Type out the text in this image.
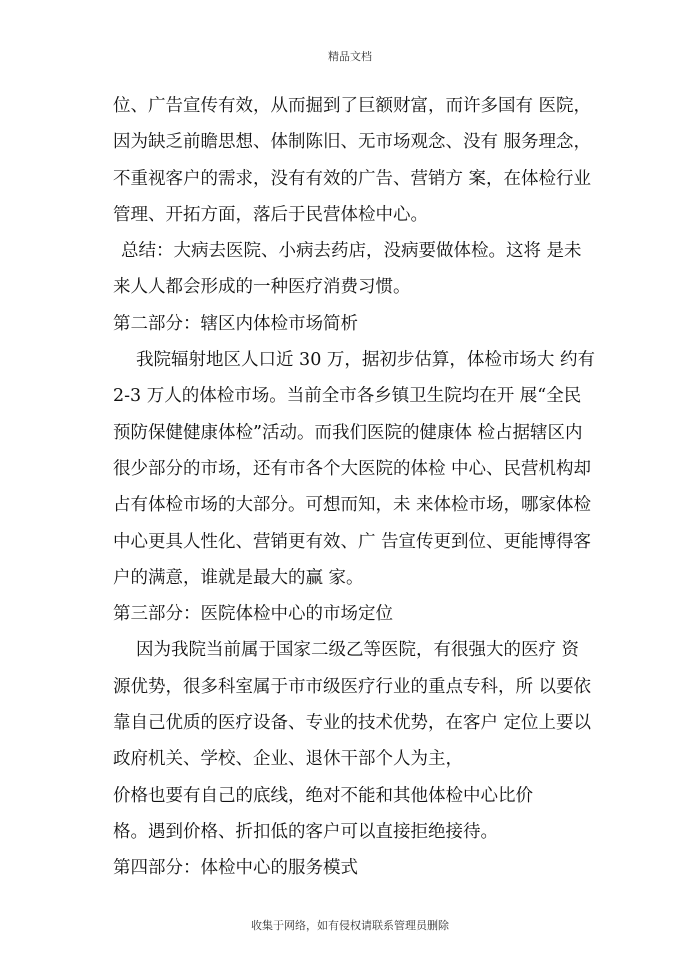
精品文档
位、广告宣传有效，从而掘到了巨额财富，而许多国有 医院，
因为缺乏前瞻思想、体制陈旧、无市场观念、没有 服务理念，
不重视客户的需求，没有有效的广告、营销方 案，在体检行业
管理、开拓方面，落后于民营体检中心。
总结：大病去医院、小病去药店，没病要做体检。这将 是未
来人人都会形成的一种医疗消费习惯。
第二部分：辖区内体检市场简析
我院辐射地区人口近 30 万，据初步估算，体检市场大 约有
2-3 万人的体检市场。当前全市各乡镇卫生院均在开 展“全民
预防保健健康体检”活动。而我们医院的健康体 检占据辖区内
很少部分的市场，还有市各个大医院的体检 中心、民营机构却
占有体检市场的大部分。可想而知，未 来体检市场，哪家体检
中心更具人性化、营销更有效、广 告宣传更到位、更能博得客
户的满意，谁就是最大的赢 家。
第三部分：医院体检中心的市场定位
因为我院当前属于国家二级乙等医院，有很强大的医疗 资
源优势，很多科室属于市市级医疗行业的重点专科，所 以要依
靠自己优质的医疗设备、专业的技术优势，在客户 定位上要以
政府机关、学校、企业、退休干部个人为主，
价格也要有自己的底线，绝对不能和其他体检中心比价
格。遇到价格、折扣低的客户可以直接拒绝接待。
第四部分：体检中心的服务模式
收集于网络，如有侵权请联系管理员删除
